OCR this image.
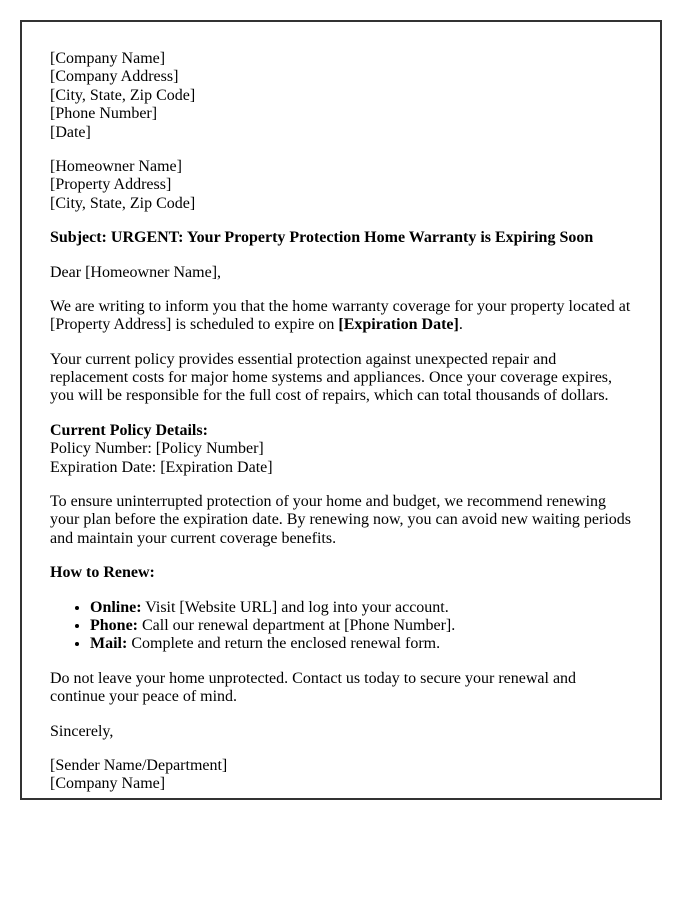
[Company Name]
[Company Address]
[City, State, Zip Code]
[Phone Number]
[Date]
[Homeowner Name]
[Property Address]
[City, State, Zip Code]

Subject: URGENT: Your Property Protection Home Warranty is Expiring Soon

Dear [Homeowner Name],

We are writing to inform you that the home warranty coverage for your property located at [Property Address] is scheduled to expire on [Expiration Date].

Your current policy provides essential protection against unexpected repair and replacement costs for major home systems and appliances. Once your coverage expires, you will be responsible for the full cost of repairs, which can total thousands of dollars.

Current Policy Details:
Policy Number: [Policy Number]
Expiration Date: [Expiration Date]

To ensure uninterrupted protection of your home and budget, we recommend renewing your plan before the expiration date. By renewing now, you can avoid new waiting periods and maintain your current coverage benefits.

How to Renew:

• Online: Visit [Website URL] and log into your account.
• Phone: Call our renewal department at [Phone Number].
• Mail: Complete and return the enclosed renewal form.

Do not leave your home unprotected. Contact us today to secure your renewal and continue your peace of mind.

Sincerely,

[Sender Name/Department]
[Company Name]
